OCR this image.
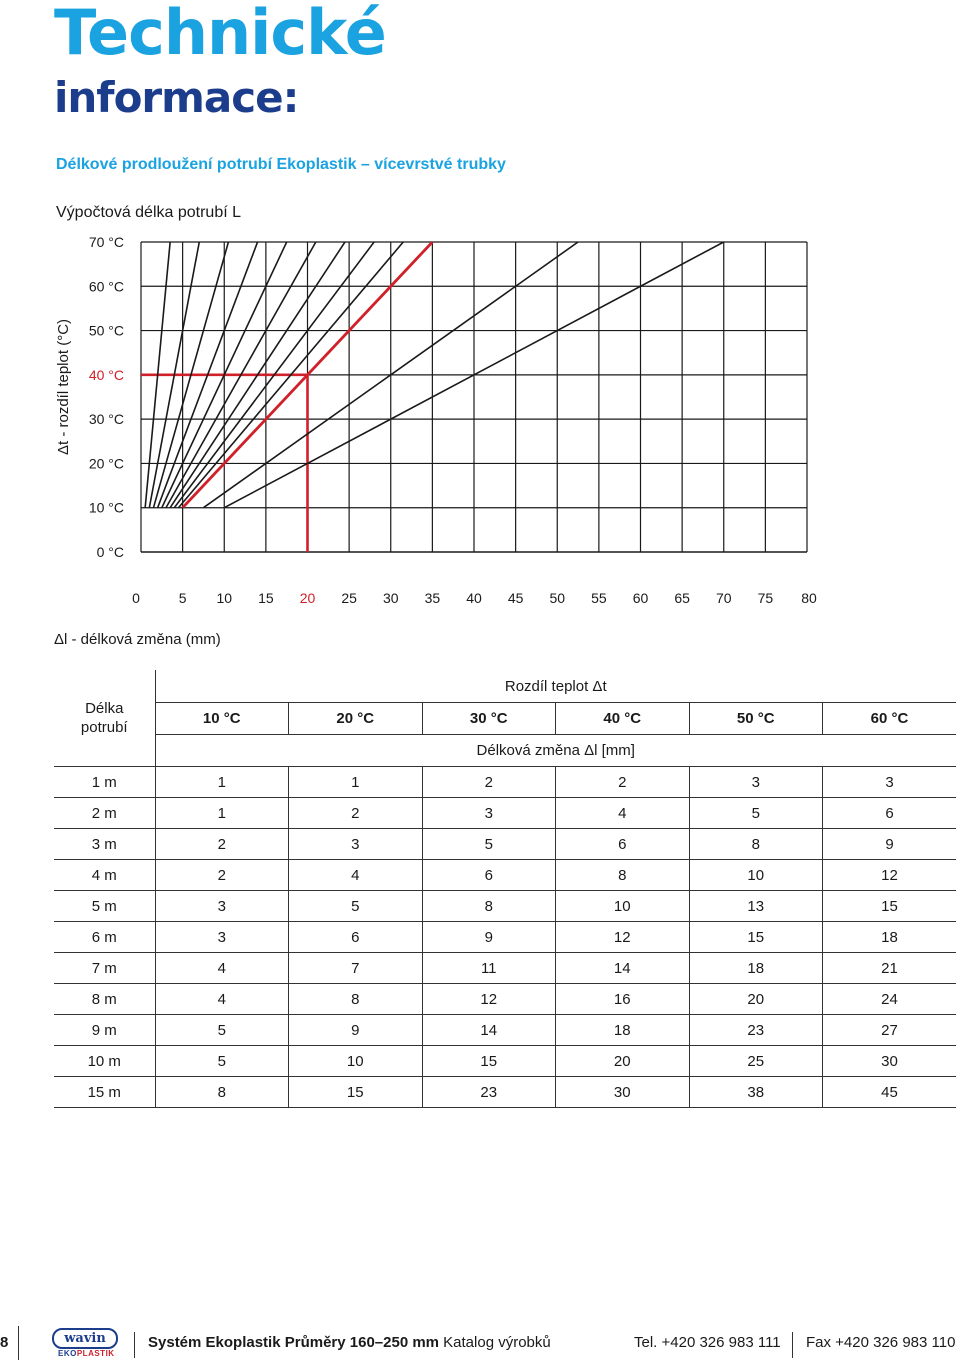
Technické
informace:
Délkové prodloužení potrubí Ekoplastik – vícevrstvé trubky
Výpočtová délka potrubí L
70 °C
60 °C
50 °C
40 °C
30 °C
20 °C
10 °C
0 °C
0	5 10 15 20 25 30 35 40 45 50 55 60 65 70 75 80
Δt - rozdíl teplot (°C)
Δl - délková změna (mm)
Délka
potrubí	Rozdíl teplot Δt					
	10 °C	20 °C	30 °C	40 °C	50 °C	60 °C
	Délková změna Δl [mm]					
1 m	1	1	2	2	3	3
2 m	1	2	3	4	5	6
3 m	2	3	5	6	8	9
4 m	2	4	6	8	10	12
5 m	3	5	8	10	13	15
6 m	3	6	9	12	15	18
7 m	4	7	11	14	18	21
8 m	4	8	12	16	20	24
9 m	5	9	14	18	23	27
10 m	5	10	15	20	25	30
15 m	8	15	23	30	38	45
8	wavin
EKOPLASTIK
Systém Ekoplastik Průměry 160–250 mm Katalog výrobků	Tel. +420 326 983 111 Fax +420 326 983 110
